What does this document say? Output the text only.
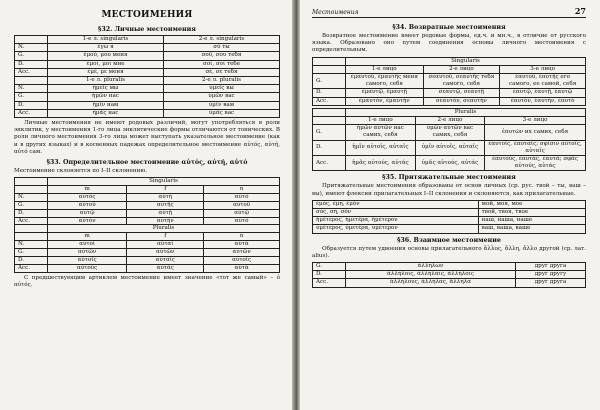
МЕСТОИМЕНИЯ
§32. Личные местоимения
	1-е л. singularis	2-е л. singularis
N.	ἐγώ я	σύ ты
G.	ἐμοῦ, μου меня	σοῦ, σου тебя
D.	ἐμοί, μοι мне	σοί, σοι тебе
Acc.	ἐμέ, με меня	σέ, σε тебя
	1-е л. pluralis	2-е л. pluralis
N.	ἡμεῖς мы	ὑμεῖς вы
G.	ἡμῶν нас	ὑμῶν вас
D.	ἡμῖν нам	ὑμῖν вам
Acc.	ἡμᾶς нас	ὑμᾶς вас

Личные местоимения не имеют родовых различий, могут употребляться в роли энклитик, у местоимения 1-го лица энклитические формы отличаются от тонических. В роли личного местоимения 3-го лица может выступать указательное местоимение (как и в других языках) и в косвенных падежах определительное местоимение αὐτός, αὐτή, αὐτό сам.

§33. Определительное местоимение αὐτός, αὐτή, αὐτό
Местоимение склоняется по I–II склонению.
	Singularis		
	m	f	n
N.	αὐτός	αὐτή	αὐτό
G.	αὐτοῦ	αὐτῆς	αὐτοῦ
D.	αὐτῷ	αὐτῇ	αὐτῷ
Acc.	αὐτόν	αὐτήν	αὐτό
	Pluralis		
	m	f	n
N.	αὐτοί	αὐταί	αὐτά
G.	αὐτῶν	αὐτῶν	αὐτῶν
D.	αὐτοῖς	αὐταῖς	αὐτοῖς
Acc.	αὐτούς	αὐτάς	αὐτά

С предшествующим артиклем местоимение имеет значение «тот же самый» – ὁ αὐτός.

Местоимения	27
§34. Возвратные местоимения

Возвратное местоимение имеет родовые формы, ед.ч. и мн.ч., в отличие от русского языка. Образовано оно путем соединения основы личного местоимения с определительным.

	Singularis		
	1-е лицо	2-е лицо	3-е лицо
G.	ἐμαυτοῦ, ἐμαυτῆς меня самого, себя	σεαυτοῦ, σεαυτῆς тебя самого, себя	ἑαυτοῦ, ἑαυτῆς его самого, ее самой, себя
D.	ἐμαυτῷ, ἐμαυτῇ	σεαυτῷ, σεαυτῇ	ἑαυτῷ, ἑαυτῇ, ἑαυτῷ
Acc.	ἐμαυτόν, ἐμαυτήν	σεαυτόν, σεαυτήν	ἑαυτόν, ἑαυτήν, ἑαυτό
	Pluralis		
	1-е лицо	2-е лицо	3-е лицо
G.	ἡμῶν αὐτῶν нас самих, себя	ὑμῶν αὐτῶν вас самих, себя	ἑαυτῶν их самих, себя
D.	ἡμῖν αὐτοῖς, αὐταῖς	ὑμῖν αὐτοῖς, αὐταῖς	ἑαυτοῖς, ἑαυταῖς; σφίσιν αὐτοῖς, αὐταῖς
Acc.	ἡμᾶς αὐτούς, αὐτάς	ὑμᾶς αὐτούς, αὐτάς	ἑαυτούς, ἑαυτάς, ἑαυτά; σφᾶς αὐτούς, αὐτάς
§35. Притяжательные местоимения

Притяжательные местоимения образованы от основ личных (ср. рус. твой – ты, ваш – вы), имеют флексии прилагательных I–II склонения и склоняются, как прилагательные.

ἐμός, ἐμή, ἐμόν	мой, моя, мое
σός, σή, σόν	твой, твоя, твое
ἡμέτερος, ἡμετέρα, ἡμέτερον	наш, наша, наше
ὑμέτερος, ὑμετέρα, ὑμέτερον	ваш, ваша, ваше
§36. Взаимное местоимение

Образуется путем удвоения основы прилагательного ἄλλος, ἄλλη, ἄλλο другой (ср. лат. alius).

G.	ἀλλήλων	друг друга
D.	ἀλλήλοις, ἀλλήλαις, ἀλλήλοις	друг другу
Acc.	ἀλλήλους, ἀλλήλας, ἄλληλα	друг друга
